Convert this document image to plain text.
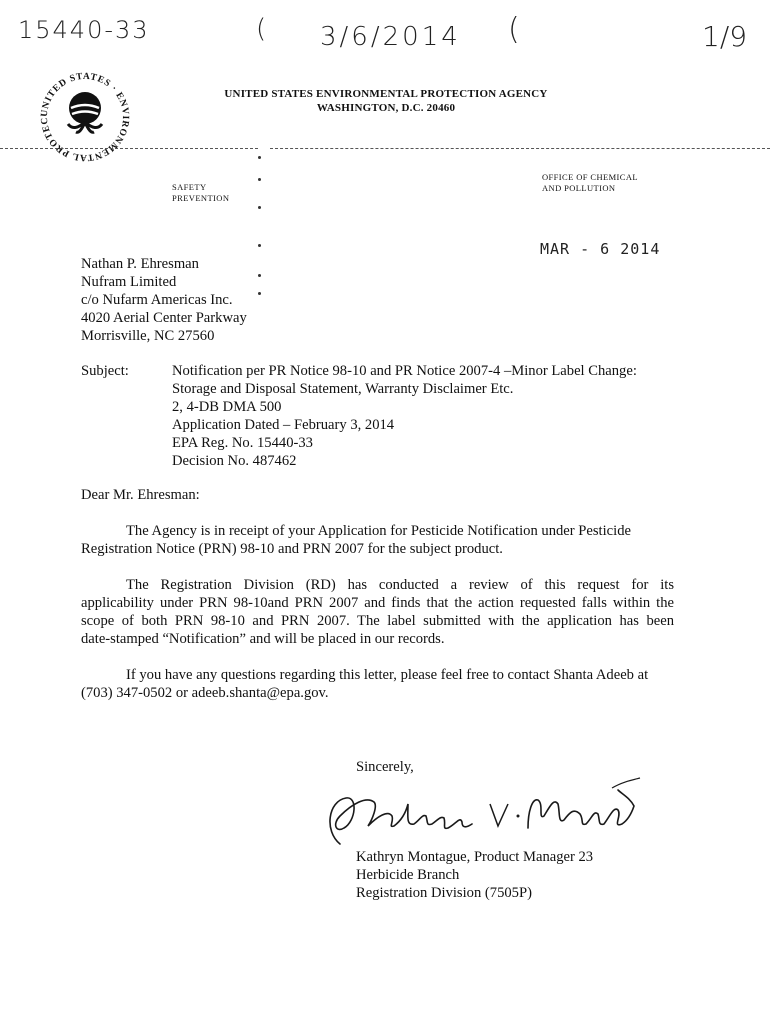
15440-33	( 3/6/2014 (	1/9
UNITED STATES · ENVIRONMENTAL PROTEC
UNITED STATES ENVIRONMENTAL PROTECTION AGENCY
WASHINGTON, D.C. 20460
SAFETY
PREVENTION
OFFICE OF CHEMICAL
AND POLLUTION
MAR - 6 2014
Nathan P. Ehresman
Nufram Limited
c/o Nufarm Americas Inc.
4020 Aerial Center Parkway
Morrisville, NC 27560
Subject:	Notification per PR Notice 98-10 and PR Notice 2007-4 –Minor Label Change:
Storage and Disposal Statement, Warranty Disclaimer Etc.
2, 4-DB DMA 500
Application Dated – February 3, 2014
EPA Reg. No. 15440-33
Decision No. 487462
Dear Mr. Ehresman:
The Agency is in receipt of your Application for Pesticide Notification under Pesticide
Registration Notice (PRN) 98-10 and PRN 2007 for the subject product.
The Registration Division (RD) has conducted a review of this request for its
applicability under PRN 98-10and PRN 2007 and finds that the action requested falls within the
scope of both PRN 98-10 and PRN 2007. The label submitted with the application has been
date-stamped “Notification” and will be placed in our records.
If you have any questions regarding this letter, please feel free to contact Shanta Adeeb at
(703) 347-0502 or adeeb.shanta@epa.gov.
Sincerely,
Kathryn Montague, Product Manager 23
Herbicide Branch
Registration Division (7505P)
